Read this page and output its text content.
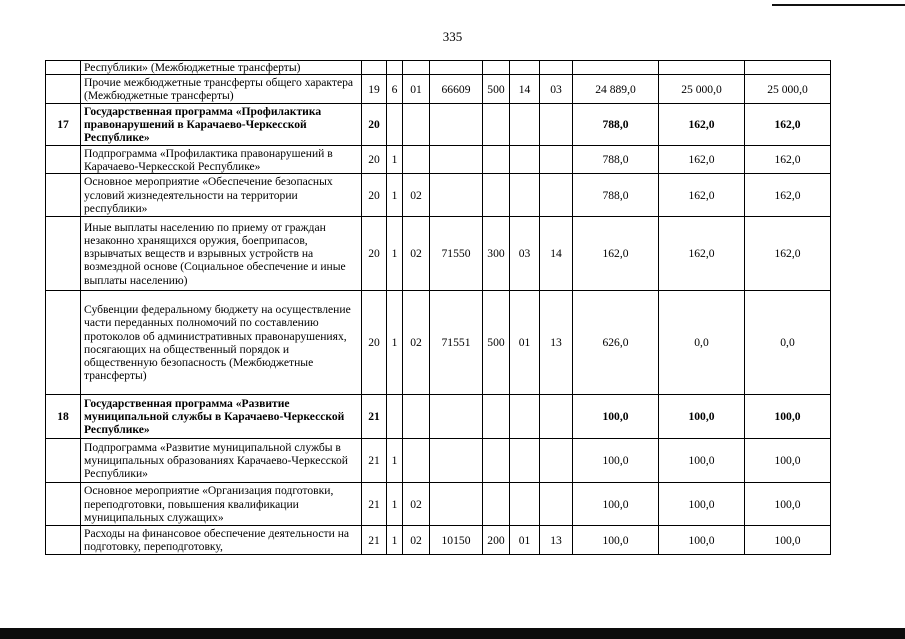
335
	Республики» (Межбюджетные трансферты)										
	Прочие межбюджетные трансферты общего характера (Межбюджетные трансферты)	19	6	01	66609	500	14	03	24 889,0	25 000,0	25 000,0
17	Государственная программа «Профилактика правонарушений в Карачаево-Черкесской Республике»	20							788,0	162,0	162,0
	Подпрограмма «Профилактика правонарушений в Карачаево-Черкесской Республике»	20	1						788,0	162,0	162,0
	Основное мероприятие «Обеспечение безопасных условий жизнедеятельности на территории республики»	20	1	02					788,0	162,0	162,0
	Иные выплаты населению по приему от граждан незаконно хранящихся оружия, боеприпасов, взрывчатых веществ и взрывных устройств на возмездной основе (Социальное обеспечение и иные выплаты населению)	20	1	02	71550	300	03	14	162,0	162,0	162,0
	Субвенции федеральному бюджету на осуществление части переданных полномочий по составлению протоколов об административных правонарушениях, посягающих на общественный порядок и общественную безопасность (Межбюджетные трансферты)	20	1	02	71551	500	01	13	626,0	0,0	0,0
18	Государственная программа «Развитие муниципальной службы в Карачаево-Черкесской Республике»	21							100,0	100,0	100,0
	Подпрограмма «Развитие муниципальной службы в муниципальных образованиях Карачаево-Черкесской Республики»	21	1						100,0	100,0	100,0
	Основное мероприятие «Организация подготовки, переподготовки, повышения квалификации муниципальных служащих»	21	1	02					100,0	100,0	100,0
	Расходы на финансовое обеспечение деятельности на подготовку, переподготовку,	21	1	02	10150	200	01	13	100,0	100,0	100,0
